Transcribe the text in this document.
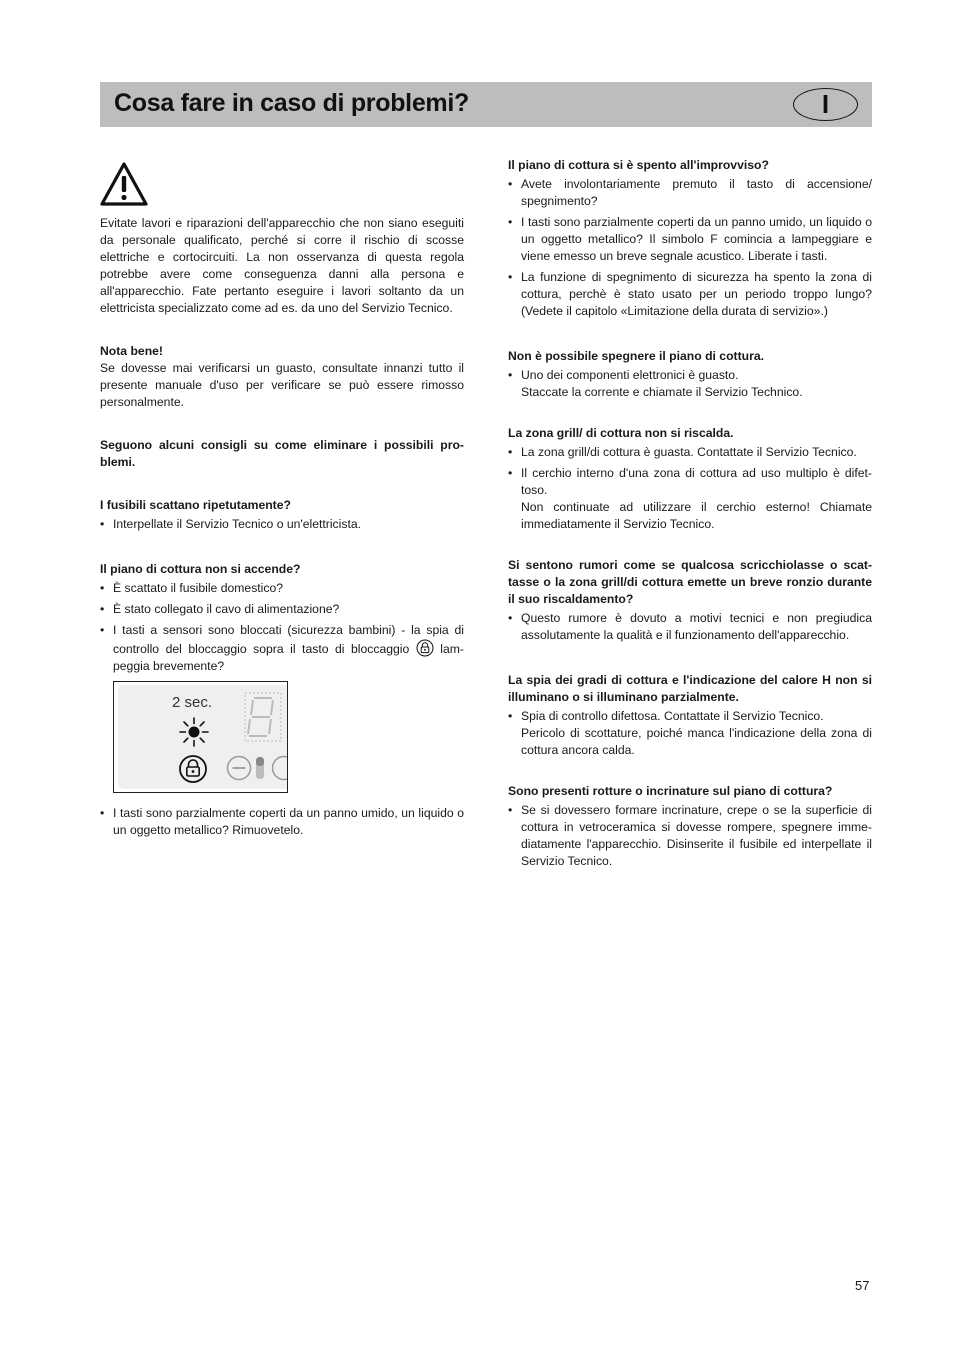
Cosa fare in caso di problemi?	I

Evitate lavori e riparazioni dell'apparecchio che non siano eseguiti da personale qualificato, perché si corre il rischio di scosse elettriche e cortocircuiti. La non osservanza di questa regola potrebbe avere come conseguenza danni alla persona e all'apparecchio. Fate pertanto eseguire i lavori soltanto da un elettricista specializzato come ad es. da uno del Servizio Tecnico.

Nota bene!

Se dovesse mai verificarsi un guasto, consultate innanzi tutto il presente manuale d'uso per verificare se può essere rimosso personalmente.

Seguono alcuni consigli su come eliminare i possibili pro-blemi.

I fusibili scattano ripetutamente?

• Interpellate il Servizio Tecnico o un'elettricista.

Il piano di cottura non si accende?

• È scattato il fusibile domestico?
• È stato collegato il cavo di alimentazione?
• I tasti a sensori sono bloccati (sicurezza bambini) - la spia di controllo del bloccaggio sopra il tasto di bloccaggio	lam-peggia brevemente?
2 sec.
• I tasti sono parzialmente coperti da un panno umido, un liquido o un oggetto metallico? Rimuovetelo.

Il piano di cottura si è spento all'improvviso?

• Avete involontariamente premuto il tasto di accensione/ spegnimento?
• I tasti sono parzialmente coperti da un panno umido, un liquido o un oggetto metallico? Il simbolo F comincia a lampeggiare e viene emesso un breve segnale acustico. Liberate i tasti.
• La funzione di spegnimento di sicurezza ha spento la zona di cottura, perchè è stato usato per un periodo troppo lungo? (Vedete il capitolo «Limitazione della durata di servizio».)

Non è possibile spegnere il piano di cottura.

• Uno dei componenti elettronici è guasto.

Staccate la corrente e chiamate il Servizio Technico.

La zona grill/ di cottura non si riscalda.

• La zona grill/di cottura è guasta. Contattate il Servizio Tecnico.
• Il cerchio interno d'una zona di cottura ad uso multiplo è difet-toso.

Non continuate ad utilizzare il cerchio esterno! Chiamate immediatamente il Servizio Tecnico.

Si sentono rumori come se qualcosa scricchiolasse o scat-tasse o la zona grill/di cottura emette un breve ronzio durante il suo riscaldamento?

• Questo rumore è dovuto a motivi tecnici e non pregiudica assolutamente la qualità e il funzionamento dell'apparecchio.

La spia dei gradi di cottura e l'indicazione del calore H non si illuminano o si illuminano parzialmente.

• Spia di controllo difettosa. Contattate il Servizio Tecnico.

Pericolo di scottature, poiché manca l'indicazione della zona di cottura ancora calda.

Sono presenti rotture o incrinature sul piano di cottura?

• Se si dovessero formare incrinature, crepe o se la superficie di cottura in vetroceramica si dovesse rompere, spegnere imme-diatamente l'apparecchio. Disinserite il fusibile ed interpellate il Servizio Tecnico.
57
